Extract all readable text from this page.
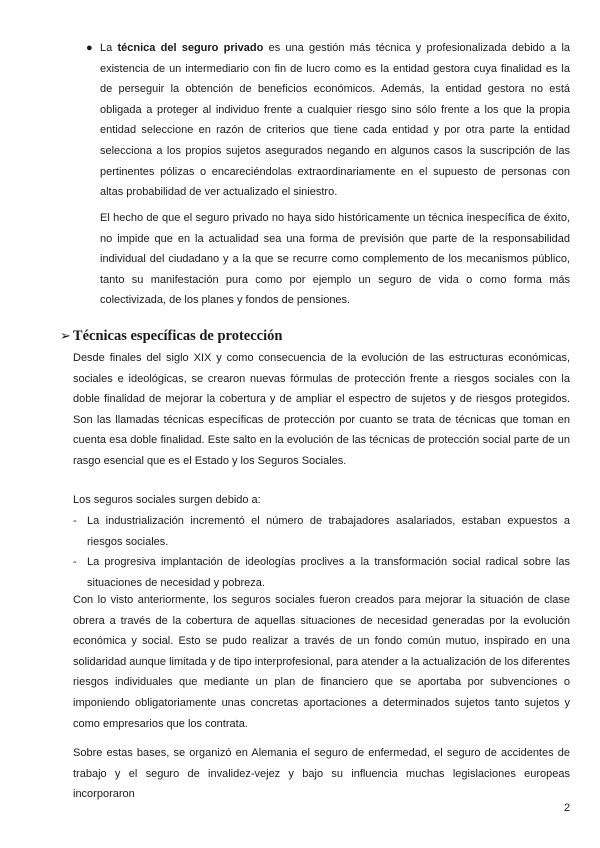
● La técnica del seguro privado es una gestión más técnica y profesionalizada debido a la existencia de un intermediario con fin de lucro como es la entidad gestora cuya finalidad es la de perseguir la obtención de beneficios económicos. Además, la entidad gestora no está obligada a proteger al individuo frente a cualquier riesgo sino sólo frente a los que la propia entidad seleccione en razón de criterios que tiene cada entidad y por otra parte la entidad selecciona a los propios sujetos asegurados negando en algunos casos la suscripción de las pertinentes pólizas o encareciéndolas extraordinariamente en el supuesto de personas con altas probabilidad de ver actualizado el siniestro.

El hecho de que el seguro privado no haya sido históricamente un técnica inespecífica de éxito, no impide que en la actualidad sea una forma de previsión que parte de la responsabilidad individual del ciudadano y a la que se recurre como complemento de los mecanismos público, tanto su manifestación pura como por ejemplo un seguro de vida o como forma más colectivizada, de los planes y fondos de pensiones.

➢ Técnicas específicas de protección

Desde finales del siglo XIX y como consecuencia de la evolución de las estructuras económicas, sociales e ideológicas, se crearon nuevas fórmulas de protección frente a riesgos sociales con la doble finalidad de mejorar la cobertura y de ampliar el espectro de sujetos y de riesgos protegidos. Son las llamadas técnicas específicas de protección por cuanto se trata de técnicas que toman en cuenta esa doble finalidad. Este salto en la evolución de las técnicas de protección social parte de un rasgo esencial que es el Estado y los Seguros Sociales.

Los seguros sociales surgen debido a:

- La industrialización incrementó el número de trabajadores asalariados, estaban expuestos a riesgos sociales.
- La progresiva implantación de ideologías proclives a la transformación social radical sobre las situaciones de necesidad y pobreza.

Con lo visto anteriormente, los seguros sociales fueron creados para mejorar la situación de clase obrera a través de la cobertura de aquellas situaciones de necesidad generadas por la evolución económica y social. Esto se pudo realizar a través de un fondo común mutuo, inspirado en una solidaridad aunque limitada y de tipo interprofesional, para atender a la actualización de los diferentes riesgos individuales que mediante un plan de financiero que se aportaba por subvenciones o imponiendo obligatoriamente unas concretas aportaciones a determinados sujetos tanto sujetos y como empresarios que los contrata.

Sobre estas bases, se organizó en Alemania el seguro de enfermedad, el seguro de accidentes de trabajo y el seguro de invalidez-vejez y bajo su influencia muchas legislaciones europeas incorporaron

2
